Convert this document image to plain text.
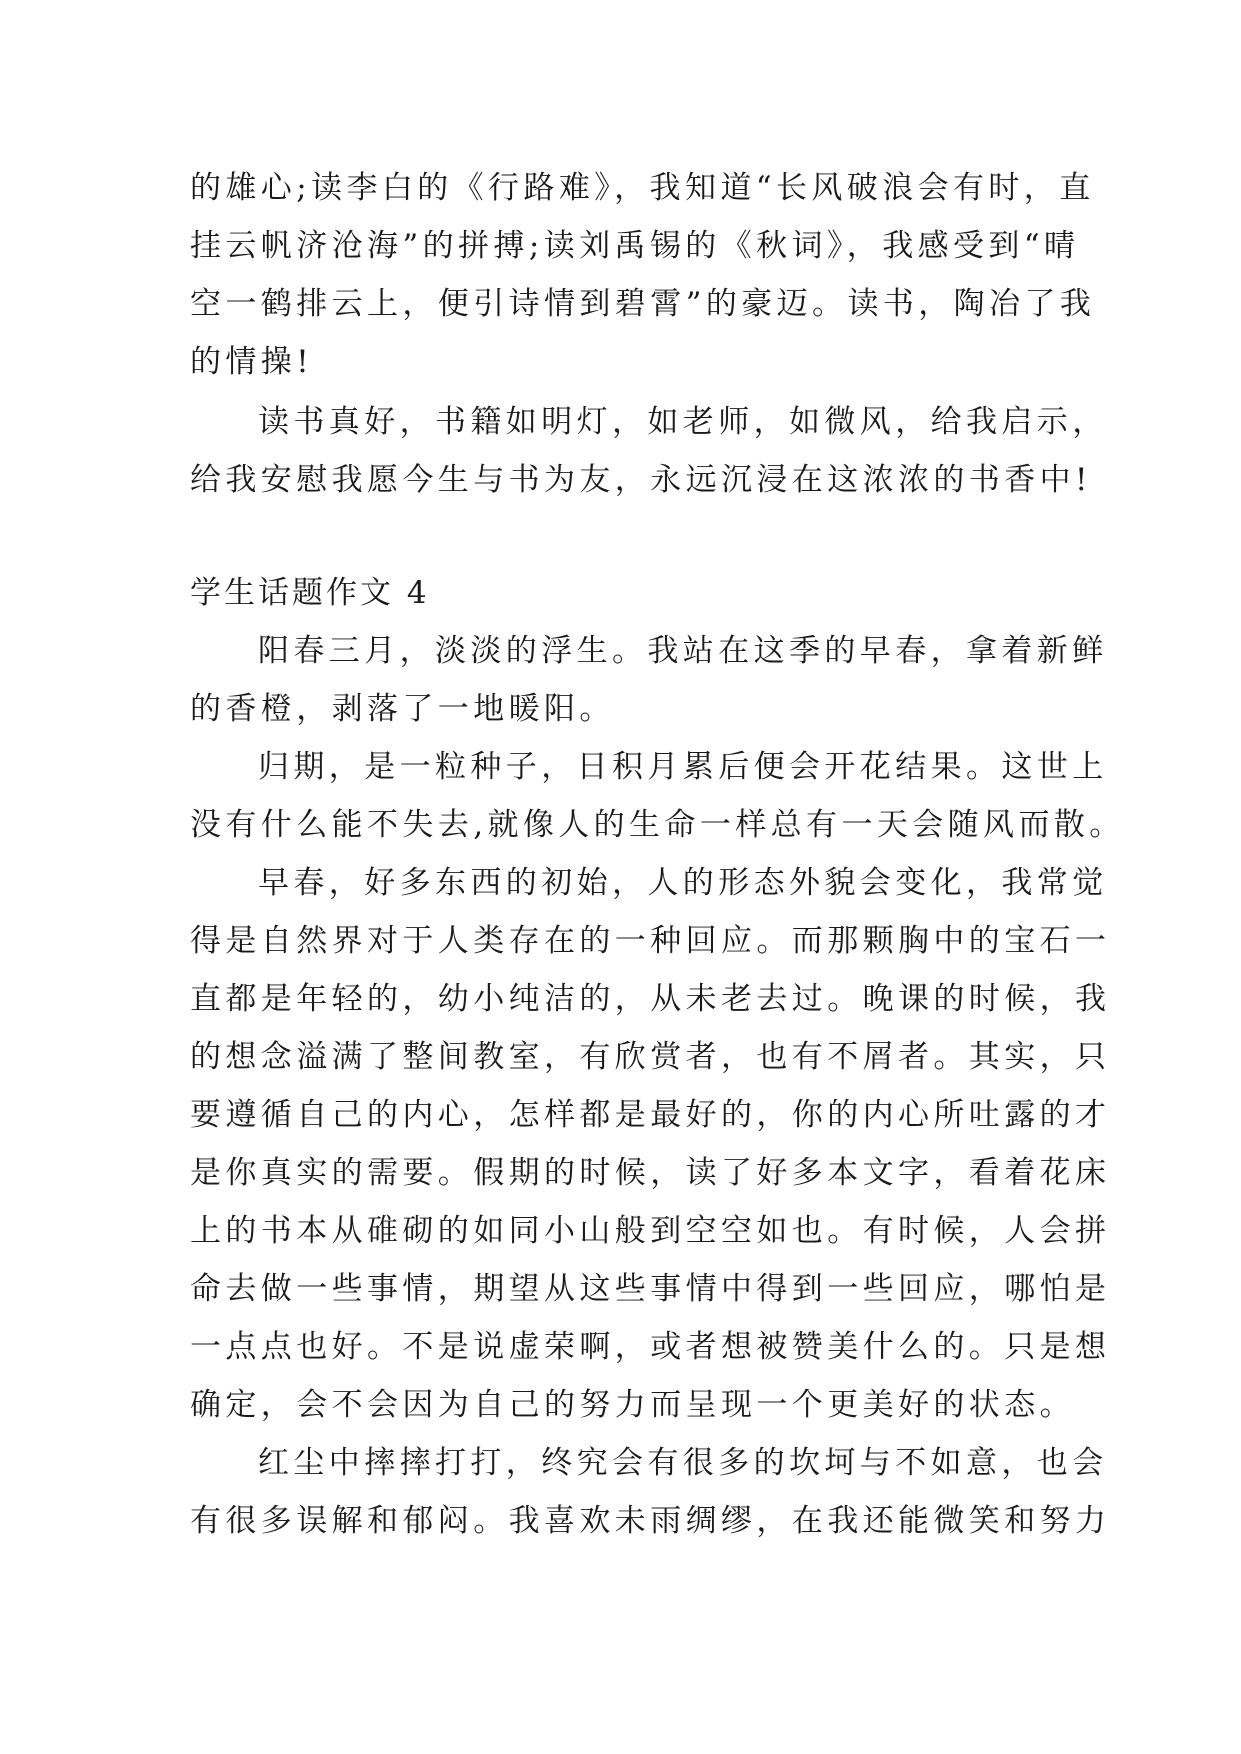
的雄心;读李白的《行路难》，我知道“长风破浪会有时，直
挂云帆济沧海”的拼搏;读刘禹锡的《秋词》，我感受到“晴
空一鹤排云上，便引诗情到碧霄”的豪迈。读书，陶冶了我
的情操!
读书真好，书籍如明灯，如老师，如微风，给我启示，
给我安慰我愿今生与书为友，永远沉浸在这浓浓的书香中!
学生话题作文 4
阳春三月，淡淡的浮生。我站在这季的早春，拿着新鲜
的香橙，剥落了一地暖阳。
归期，是一粒种子，日积月累后便会开花结果。这世上
没有什么能不失去,就像人的生命一样总有一天会随风而散。
早春，好多东西的初始，人的形态外貌会变化，我常觉
得是自然界对于人类存在的一种回应。而那颗胸中的宝石一
直都是年轻的，幼小纯洁的，从未老去过。晚课的时候，我
的想念溢满了整间教室，有欣赏者，也有不屑者。其实，只
要遵循自己的内心，怎样都是最好的，你的内心所吐露的才
是你真实的需要。假期的时候，读了好多本文字，看着花床
上的书本从碓砌的如同小山般到空空如也。有时候，人会拼
命去做一些事情，期望从这些事情中得到一些回应，哪怕是
一点点也好。不是说虚荣啊，或者想被赞美什么的。只是想
确定，会不会因为自己的努力而呈现一个更美好的状态。
红尘中摔摔打打，终究会有很多的坎坷与不如意，也会
有很多误解和郁闷。我喜欢未雨绸缪，在我还能微笑和努力
